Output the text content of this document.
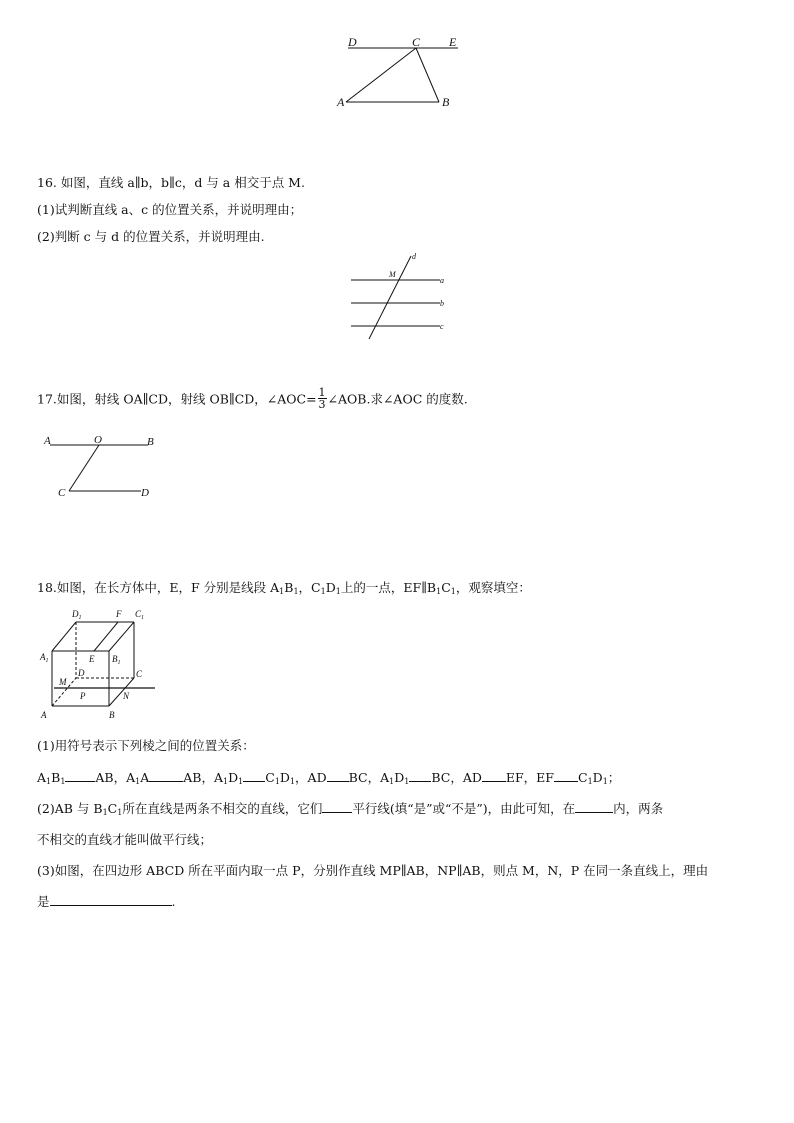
D	C E
A	B
16. 如图，直线 a∥b，b∥c，d 与 a 相交于点 M.
(1)试判断直线 a、c 的位置关系，并说明理由；
(2)判断 c 与 d 的位置关系，并说明理由.
d
M
a
b
c
17.如图，射线 OA∥CD，射线 OB∥CD，∠AOC= $\frac{1}{3}$ ∠AOB.求∠AOC 的度数.
A	O	B
C	D
18.如图，在长方体中，E，F 分别是线段 $A_1B_1$，$C_1D_1$上的一点，$EF\parallel B_1C_1$，观察填空：
$D_1$	F $C_1$
$A_1$	E $B_1$
D	C
M
P	N
A	B
(1)用符号表示下列棱之间的位置关系：
$A_1B_1$ AB，$A_1A$	AB，$A_1D_1$ $C_1D_1$，AD BC，$A_1D_1$ BC，AD EF，EF $C_1D_1$；
(2)AB 与 $B_1C_1$所在直线是两条不相交的直线，它们 平行线(填“是”或“不是”)，由此可知，在	内，两条
不相交的直线才能叫做平行线；
(3)如图，在四边形 ABCD 所在平面内取一点 P，分别作直线 MP∥AB，NP∥AB，则点 M，N，P 在同一条直线上，理由
是	.
